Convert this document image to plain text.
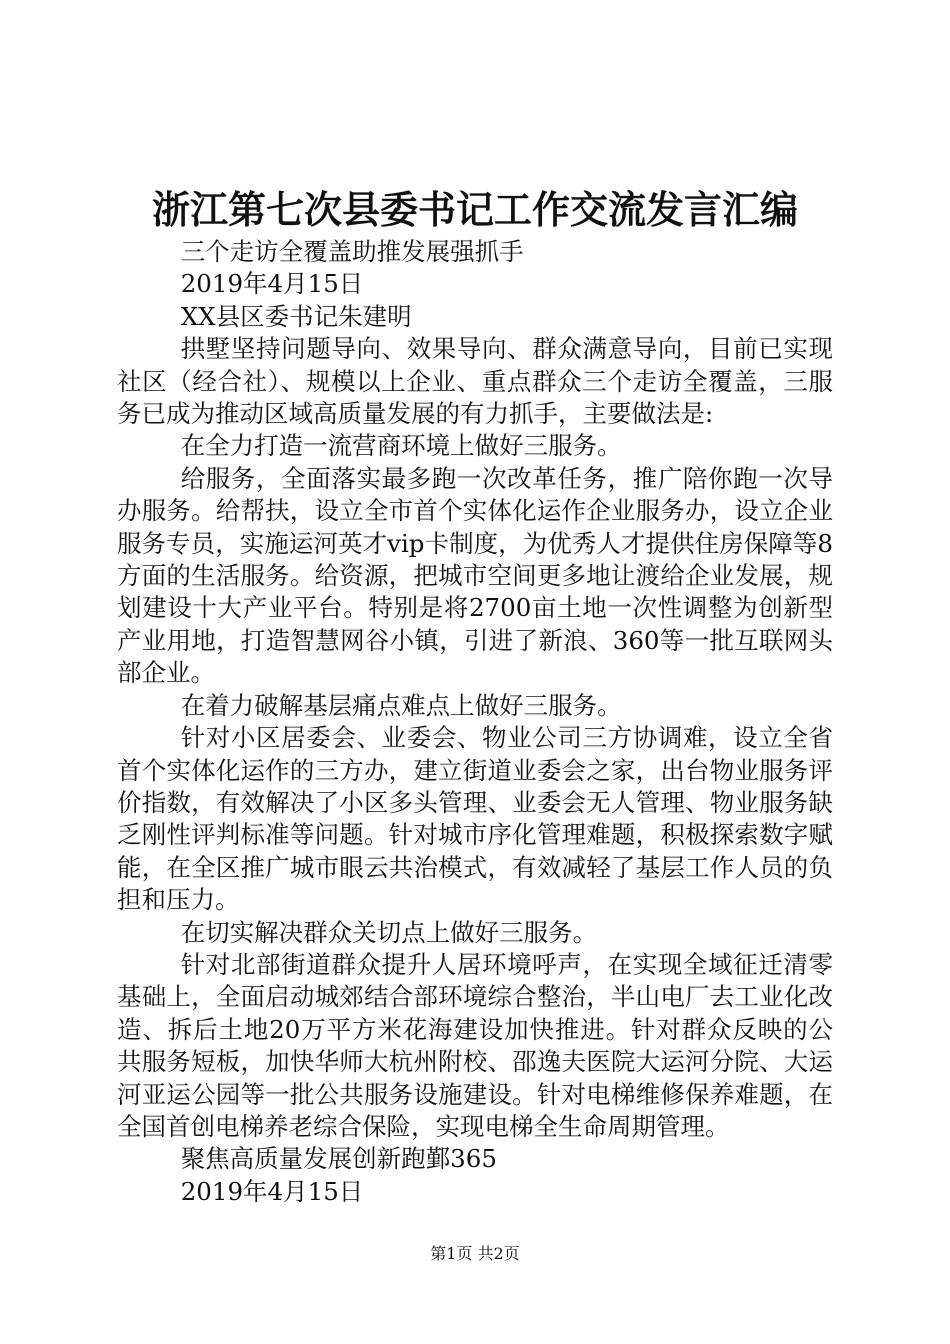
浙江第七次县委书记工作交流发言汇编

三个走访全覆盖助推发展强抓手

2019年4月15日

XX县区委书记朱建明

拱墅坚持问题导向、效果导向、群众满意导向，目前已实现社区（经合社）、规模以上企业、重点群众三个走访全覆盖，三服务已成为推动区域高质量发展的有力抓手，主要做法是:

在全力打造一流营商环境上做好三服务。

给服务，全面落实最多跑一次改革任务，推广陪你跑一次导办服务。给帮扶，设立全市首个实体化运作企业服务办，设立企业服务专员，实施运河英才vip卡制度，为优秀人才提供住房保障等8方面的生活服务。给资源，把城市空间更多地让渡给企业发展，规划建设十大产业平台。特别是将2700亩土地一次性调整为创新型产业用地，打造智慧网谷小镇，引进了新浪、360等一批互联网头部企业。

在着力破解基层痛点难点上做好三服务。

针对小区居委会、业委会、物业公司三方协调难，设立全省首个实体化运作的三方办，建立街道业委会之家，出台物业服务评价指数，有效解决了小区多头管理、业委会无人管理、物业服务缺乏刚性评判标准等问题。针对城市序化管理难题，积极探索数字赋能，在全区推广城市眼云共治模式，有效减轻了基层工作人员的负担和压力。

在切实解决群众关切点上做好三服务。

针对北部街道群众提升人居环境呼声，在实现全域征迁清零基础上，全面启动城郊结合部环境综合整治，半山电厂去工业化改造、拆后土地20万平方米花海建设加快推进。针对群众反映的公共服务短板，加快华师大杭州附校、邵逸夫医院大运河分院、大运河亚运公园等一批公共服务设施建设。针对电梯维修保养难题，在全国首创电梯养老综合保险，实现电梯全生命周期管理。

聚焦高质量发展创新跑鄞365

2019年4月15日

第1页 共2页
